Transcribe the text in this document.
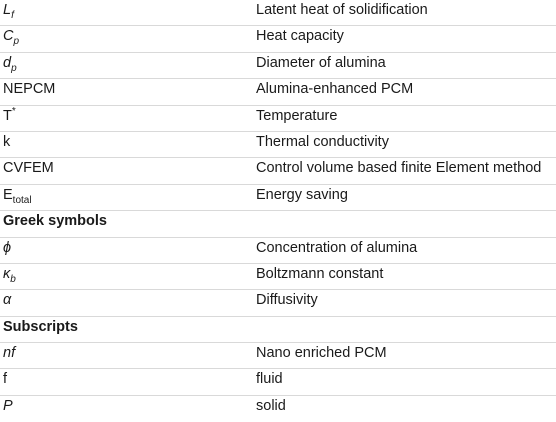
$L_f$	Latent heat of solidification
$C_p$	Heat capacity
$d_p$	Diameter of alumina
NEPCM	Alumina-enhanced PCM
T*	Temperature
k	Thermal conductivity
CVFEM	Control volume based finite Element method
$E_{total}$	Energy saving
Greek symbols
ϕ	Concentration of alumina
$\kappa_b$	Boltzmann constant
α	Diffusivity
Subscripts
nf	Nano enriched PCM
f	fluid
P	solid
